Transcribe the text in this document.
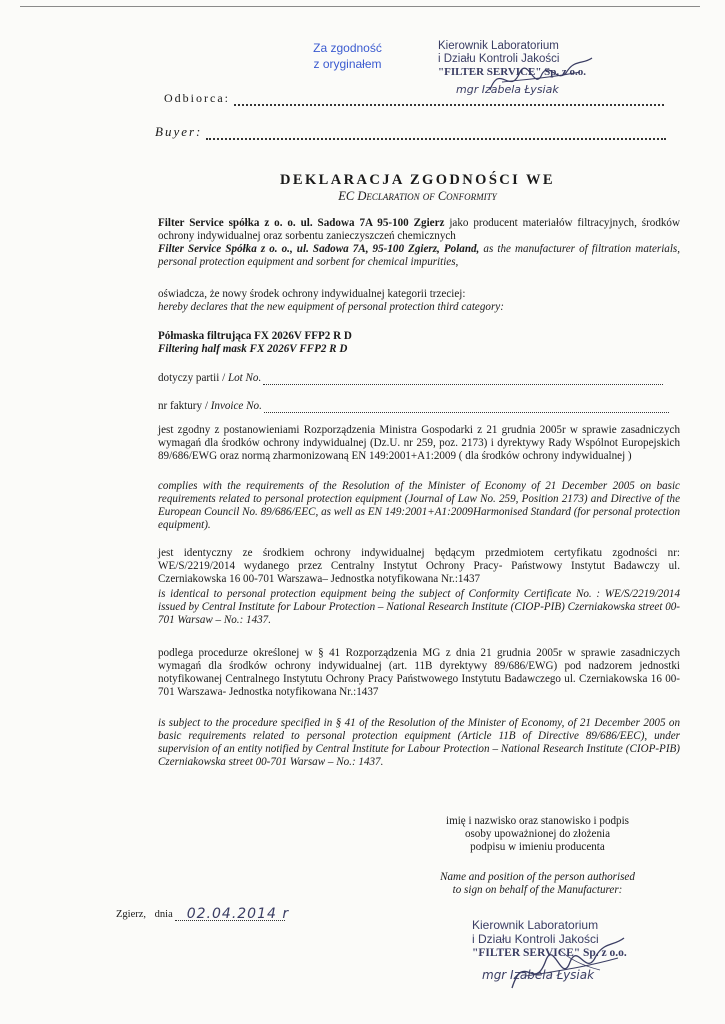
Za zgodność
z oryginałem
Kierownik Laboratorium
i Działu Kontroli Jakości
"FILTER SERVICE" Sp. z o.o.
mgr Izabela Łysiak
Odbiorca:
Buyer:
DEKLARACJA ZGODNOŚCI WE
EC Declaration of Conformity
Filter Service spółka z o. o. ul. Sadowa 7A 95-100 Zgierz jako producent materiałów filtracyjnych, środków ochrony indywidualnej oraz sorbentu zanieczyszczeń chemicznych
Filter Service Spółka z o. o., ul. Sadowa 7A, 95-100 Zgierz, Poland, as the manufacturer of filtration materials, personal protection equipment and sorbent for chemical impurities,
oświadcza, że nowy środek ochrony indywidualnej kategorii trzeciej:
hereby declares that the new equipment of personal protection third category:
Półmaska filtrująca FX 2026V FFP2 R D
Filtering half mask FX 2026V FFP2 R D
dotyczy partii / Lot No.
nr faktury / Invoice No.
jest zgodny z postanowieniami Rozporządzenia Ministra Gospodarki z 21 grudnia 2005r w sprawie zasadniczych wymagań dla środków ochrony indywidualnej (Dz.U. nr 259, poz. 2173) i dyrektywy Rady Wspólnot Europejskich 89/686/EWG oraz normą zharmonizowaną EN 149:2001+A1:2009 ( dla środków ochrony indywidualnej )
complies with the requirements of the Resolution of the Minister of Economy of 21 December 2005 on basic requirements related to personal protection equipment (Journal of Law No. 259, Position 2173) and Directive of the European Council No. 89/686/EEC, as well as EN 149:2001+A1:2009Harmonised Standard (for personal protection equipment).
jest identyczny ze środkiem ochrony indywidualnej będącym przedmiotem certyfikatu zgodności nr: WE/S/2219/2014 wydanego przez Centralny Instytut Ochrony Pracy- Państwowy Instytut Badawczy ul. Czerniakowska 16 00-701 Warszawa– Jednostka notyfikowana Nr.:1437
is identical to personal protection equipment being the subject of Conformity Certificate No. : WE/S/2219/2014 issued by Central Institute for Labour Protection – National Research Institute (CIOP-PIB) Czerniakowska street 00-701 Warsaw – No.: 1437.
podlega procedurze określonej w § 41 Rozporządzenia MG z dnia 21 grudnia 2005r w sprawie zasadniczych wymagań dla środków ochrony indywidualnej (art. 11B dyrektywy 89/686/EWG) pod nadzorem jednostki notyfikowanej Centralnego Instytutu Ochrony Pracy Państwowego Instytutu Badawczego ul. Czerniakowska 16 00-701 Warszawa- Jednostka notyfikowana Nr.:1437
is subject to the procedure specified in § 41 of the Resolution of the Minister of Economy, of 21 December 2005 on basic requirements related to personal protection equipment (Article 11B of Directive 89/686/EEC), under supervision of an entity notified by Central Institute for Labour Protection – National Research Institute (CIOP-PIB) Czerniakowska street 00-701 Warsaw – No.: 1437.
imię i nazwisko oraz stanowisko i podpis
osoby upoważnionej do złożenia
podpisu w imieniu producenta
Name and position of the person authorised
to sign on behalf of the Manufacturer:
Zgierz, dnia 02.04.2014 r
Kierownik Laboratorium
i Działu Kontroli Jakości
"FILTER SERVICE" Sp. z o.o.
mgr Izabela Łysiak
